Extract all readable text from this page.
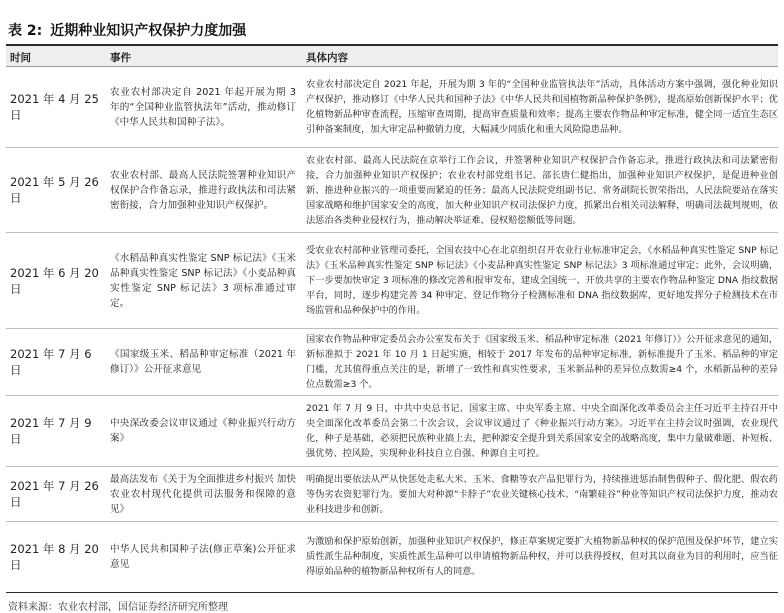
表 2: 近期种业知识产权保护力度加强
时间	事件	具体内容
2021 年 4 月 25 日
农业农村部决定自 2021 年起开展为期 3 年的“全国种业监管执法年”活动，推动修订《中华人民共和国种子法》。
农业农村部决定自 2021 年起，开展为期 3 年的“全国种业监管执法年”活动，具体活动方案中强调，强化种业知识产权保护，推动修订《中华人民共和国种子法》《中华人民共和国植物新品种保护条例》，提高原始创新保护水平；优化植物新品种审查流程，压缩审查周期，提高审查质量和效率；提高主要农作物品种审定标准，健全同一适宜生态区引种备案制度，加大审定品种撤销力度，大幅减少同质化和重大风险隐患品种。
2021 年 5 月 26 日
农业农村部、最高人民法院签署种业知识产权保护合作备忘录，推进行政执法和司法紧密衔接，合力加强种业知识产权保护。
农业农村部、最高人民法院在京举行工作会议，并签署种业知识产权保护合作备忘录，推进行政执法和司法紧密衔接，合力加强种业知识产权保护；农业农村部党组书记、部长唐仁健指出，加强种业知识产权保护，是促进种业创新、推进种业振兴的一项重要而紧迫的任务；最高人民法院党组副书记、常务副院长贺荣指出，人民法院要站在落实国家战略和维护国家安全的高度，加大种业知识产权司法保护力度，抓紧出台相关司法解释，明确司法裁判规则，依法惩治各类种业侵权行为，推动解决举证难、侵权赔偿额低等问题。
2021 年 6 月 20 日
《水稻品种真实性鉴定 SNP 标记法》《玉米品种真实性鉴定 SNP 标记法》《小麦品种真实性鉴定 SNP 标记法》3 项标准通过审定。
受农业农村部种业管理司委托，全国农技中心在北京组织召开农业行业标准审定会，《水稻品种真实性鉴定 SNP 标记法》《玉米品种真实性鉴定 SNP 标记法》《小麦品种真实性鉴定 SNP 标记法》3 项标准通过审定；此外，会议明确，下一步要加快审定 3 项标准的修改完善和报审发布，建成全国统一、开放共享的主要农作物品种鉴定 DNA 指纹数据平台，同时，逐步构建完善 34 种审定、登记作物分子检测标准和 DNA 指纹数据库，更好地发挥分子检测技术在市场监管和品种保护中的作用。
2021 年 7 月 6 日
《国家级玉米、稻品种审定标准（2021 年修订）》公开征求意见
国家农作物品种审定委员会办公室发布关于《国家级玉米、稻品种审定标准（2021 年修订）》公开征求意见的通知，新标准拟于 2021 年 10 月 1 日起实施，相较于 2017 年发布的品种审定标准，新标准提升了玉米、稻品种的审定门槛，尤其值得重点关注的是，新增了一致性和真实性要求，玉米新品种的差异位点数需≥4 个，水稻新品种的差异位点数需≥3 个。
2021 年 7 月 9 日
中央深改委会议审议通过《种业振兴行动方案》
2021 年 7 月 9 日，中共中央总书记、国家主席、中央军委主席、中央全面深化改革委员会主任习近平主持召开中央全面深化改革委员会第二十次会议，会议审议通过了《种业振兴行动方案》。习近平在主持会议时强调，农业现代化，种子是基础，必须把民族种业搞上去，把种源安全提升到关系国家安全的战略高度，集中力量破难题、补短板、强优势、控风险，实现种业科技自立自强、种源自主可控。
2021 年 7 月 26 日
最高法发布《关于为全面推进乡村振兴 加快农业农村现代化提供司法服务和保障的意见》
明确提出要依法从严从快惩处走私大米、玉米、食糖等农产品犯罪行为，持续推进惩治制售假种子、假化肥、假农药等伪劣农资犯罪行为。要加大对种源“卡脖子”农业关键核心技术、“南繁硅谷”种业等知识产权司法保护力度，推动农业科技进步和创新。
2021 年 8 月 20 日
中华人民共和国种子法(修正草案)公开征求意见
为激励和保护原始创新，加强种业知识产权保护，修正草案规定要扩大植物新品种权的保护范围及保护环节，建立实质性派生品种制度，实质性派生品种可以申请植物新品种权，并可以获得授权，但对其以商业为目的利用时，应当征得原始品种的植物新品种权所有人的同意。
资料来源：农业农村部，国信证券经济研究所整理
